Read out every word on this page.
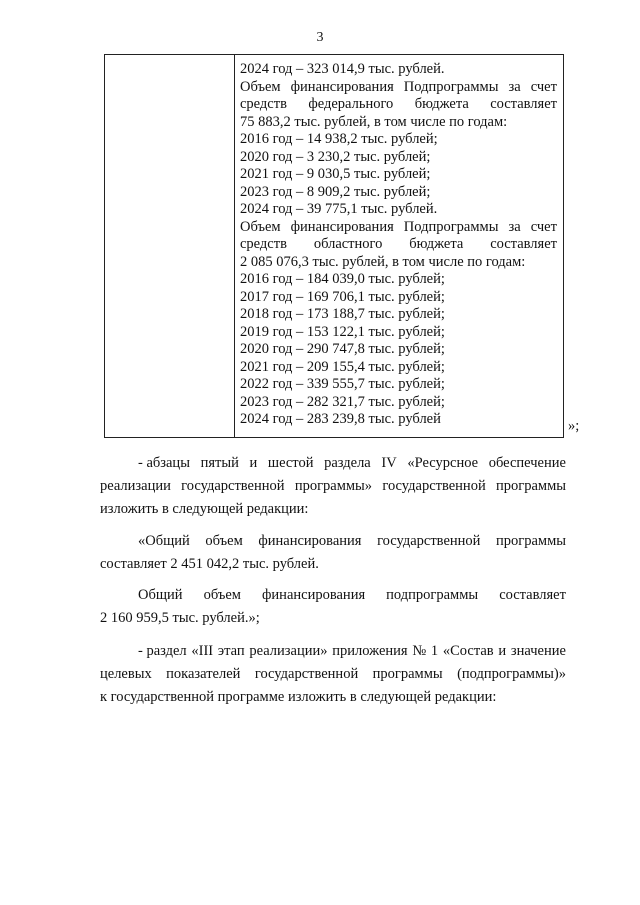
3
2024 год – 323 014,9 тыс. рублей.
Объем финансирования Подпрограммы за счет
средств федерального бюджета составляет
75 883,2 тыс. рублей, в том числе по годам:
2016 год – 14 938,2 тыс. рублей;
2020 год – 3 230,2 тыс. рублей;
2021 год – 9 030,5 тыс. рублей;
2023 год – 8 909,2 тыс. рублей;
2024 год – 39 775,1 тыс. рублей.
Объем финансирования Подпрограммы за счет
средств областного бюджета составляет
2 085 076,3 тыс. рублей, в том числе по годам:
2016 год – 184 039,0 тыс. рублей;
2017 год – 169 706,1 тыс. рублей;
2018 год – 173 188,7 тыс. рублей;
2019 год – 153 122,1 тыс. рублей;
2020 год – 290 747,8 тыс. рублей;
2021 год – 209 155,4 тыс. рублей;
2022 год – 339 555,7 тыс. рублей;
2023 год – 282 321,7 тыс. рублей;
2024 год – 283 239,8 тыс. рублей	»;
- абзацы пятый и шестой раздела IV «Ресурсное обеспечение
реализации государственной программы» государственной программы
изложить в следующей редакции:
«Общий объем финансирования государственной программы
составляет 2 451 042,2 тыс. рублей.
Общий объем финансирования подпрограммы составляет
2 160 959,5 тыс. рублей.»;
- раздел «III этап реализации» приложения № 1 «Состав и значение
целевых показателей государственной программы (подпрограммы)»
к государственной программе изложить в следующей редакции:
